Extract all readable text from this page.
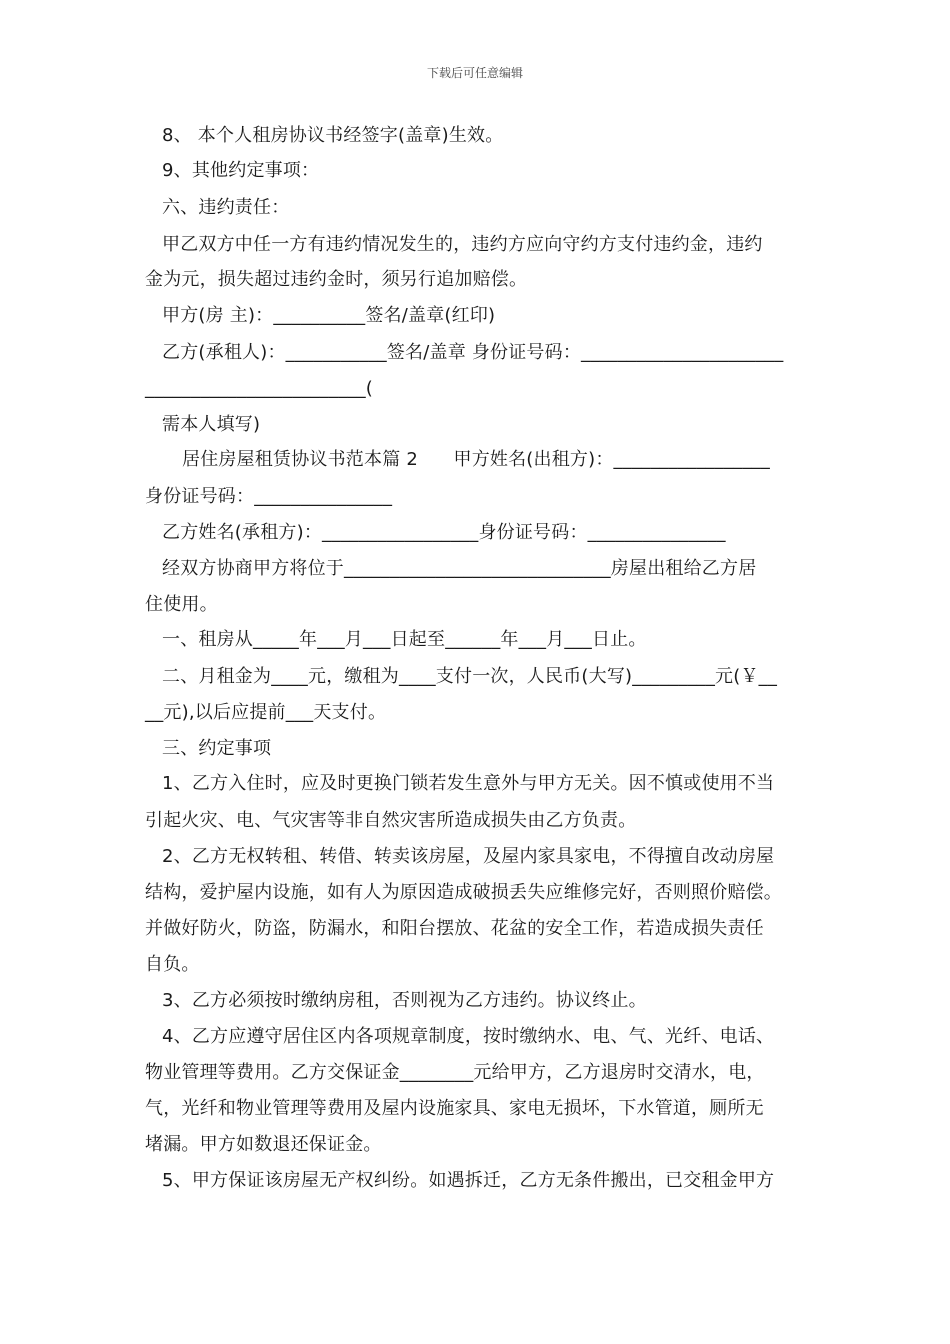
下载后可任意编辑
8、 本个人租房协议书经签字(盖章)生效。
9、其他约定事项：
六、违约责任：
甲乙双方中任一方有违约情况发生的，违约方应向守约方支付违约金，违约
金为元，损失超过违约金时，须另行追加赔偿。
甲方(房 主)：__________签名/盖章(红印)
乙方(承租人)：___________签名/盖章 身份证号码：______________________
________________________(
需本人填写)
居住房屋租赁协议书范本篇 2      甲方姓名(出租方)：_________________
身份证号码：_______________
乙方姓名(承租方)：_________________身份证号码：_______________
经双方协商甲方将位于_____________________________房屋出租给乙方居
住使用。
一、租房从_____年___月___日起至______年___月___日止。
二、月租金为____元，缴租为____支付一次，人民币(大写)_________元(￥__
__元),以后应提前___天支付。
三、约定事项
1、乙方入住时，应及时更换门锁若发生意外与甲方无关。因不慎或使用不当
引起火灾、电、气灾害等非自然灾害所造成损失由乙方负责。
2、乙方无权转租、转借、转卖该房屋，及屋内家具家电，不得擅自改动房屋
结构，爱护屋内设施，如有人为原因造成破损丢失应维修完好，否则照价赔偿。
并做好防火，防盗，防漏水，和阳台摆放、花盆的安全工作，若造成损失责任
自负。
3、乙方必须按时缴纳房租，否则视为乙方违约。协议终止。
4、乙方应遵守居住区内各项规章制度，按时缴纳水、电、气、光纤、电话、
物业管理等费用。乙方交保证金________元给甲方，乙方退房时交清水，电，
气，光纤和物业管理等费用及屋内设施家具、家电无损坏，下水管道，厕所无
堵漏。甲方如数退还保证金。
5、甲方保证该房屋无产权纠纷。如遇拆迁，乙方无条件搬出，已交租金甲方
